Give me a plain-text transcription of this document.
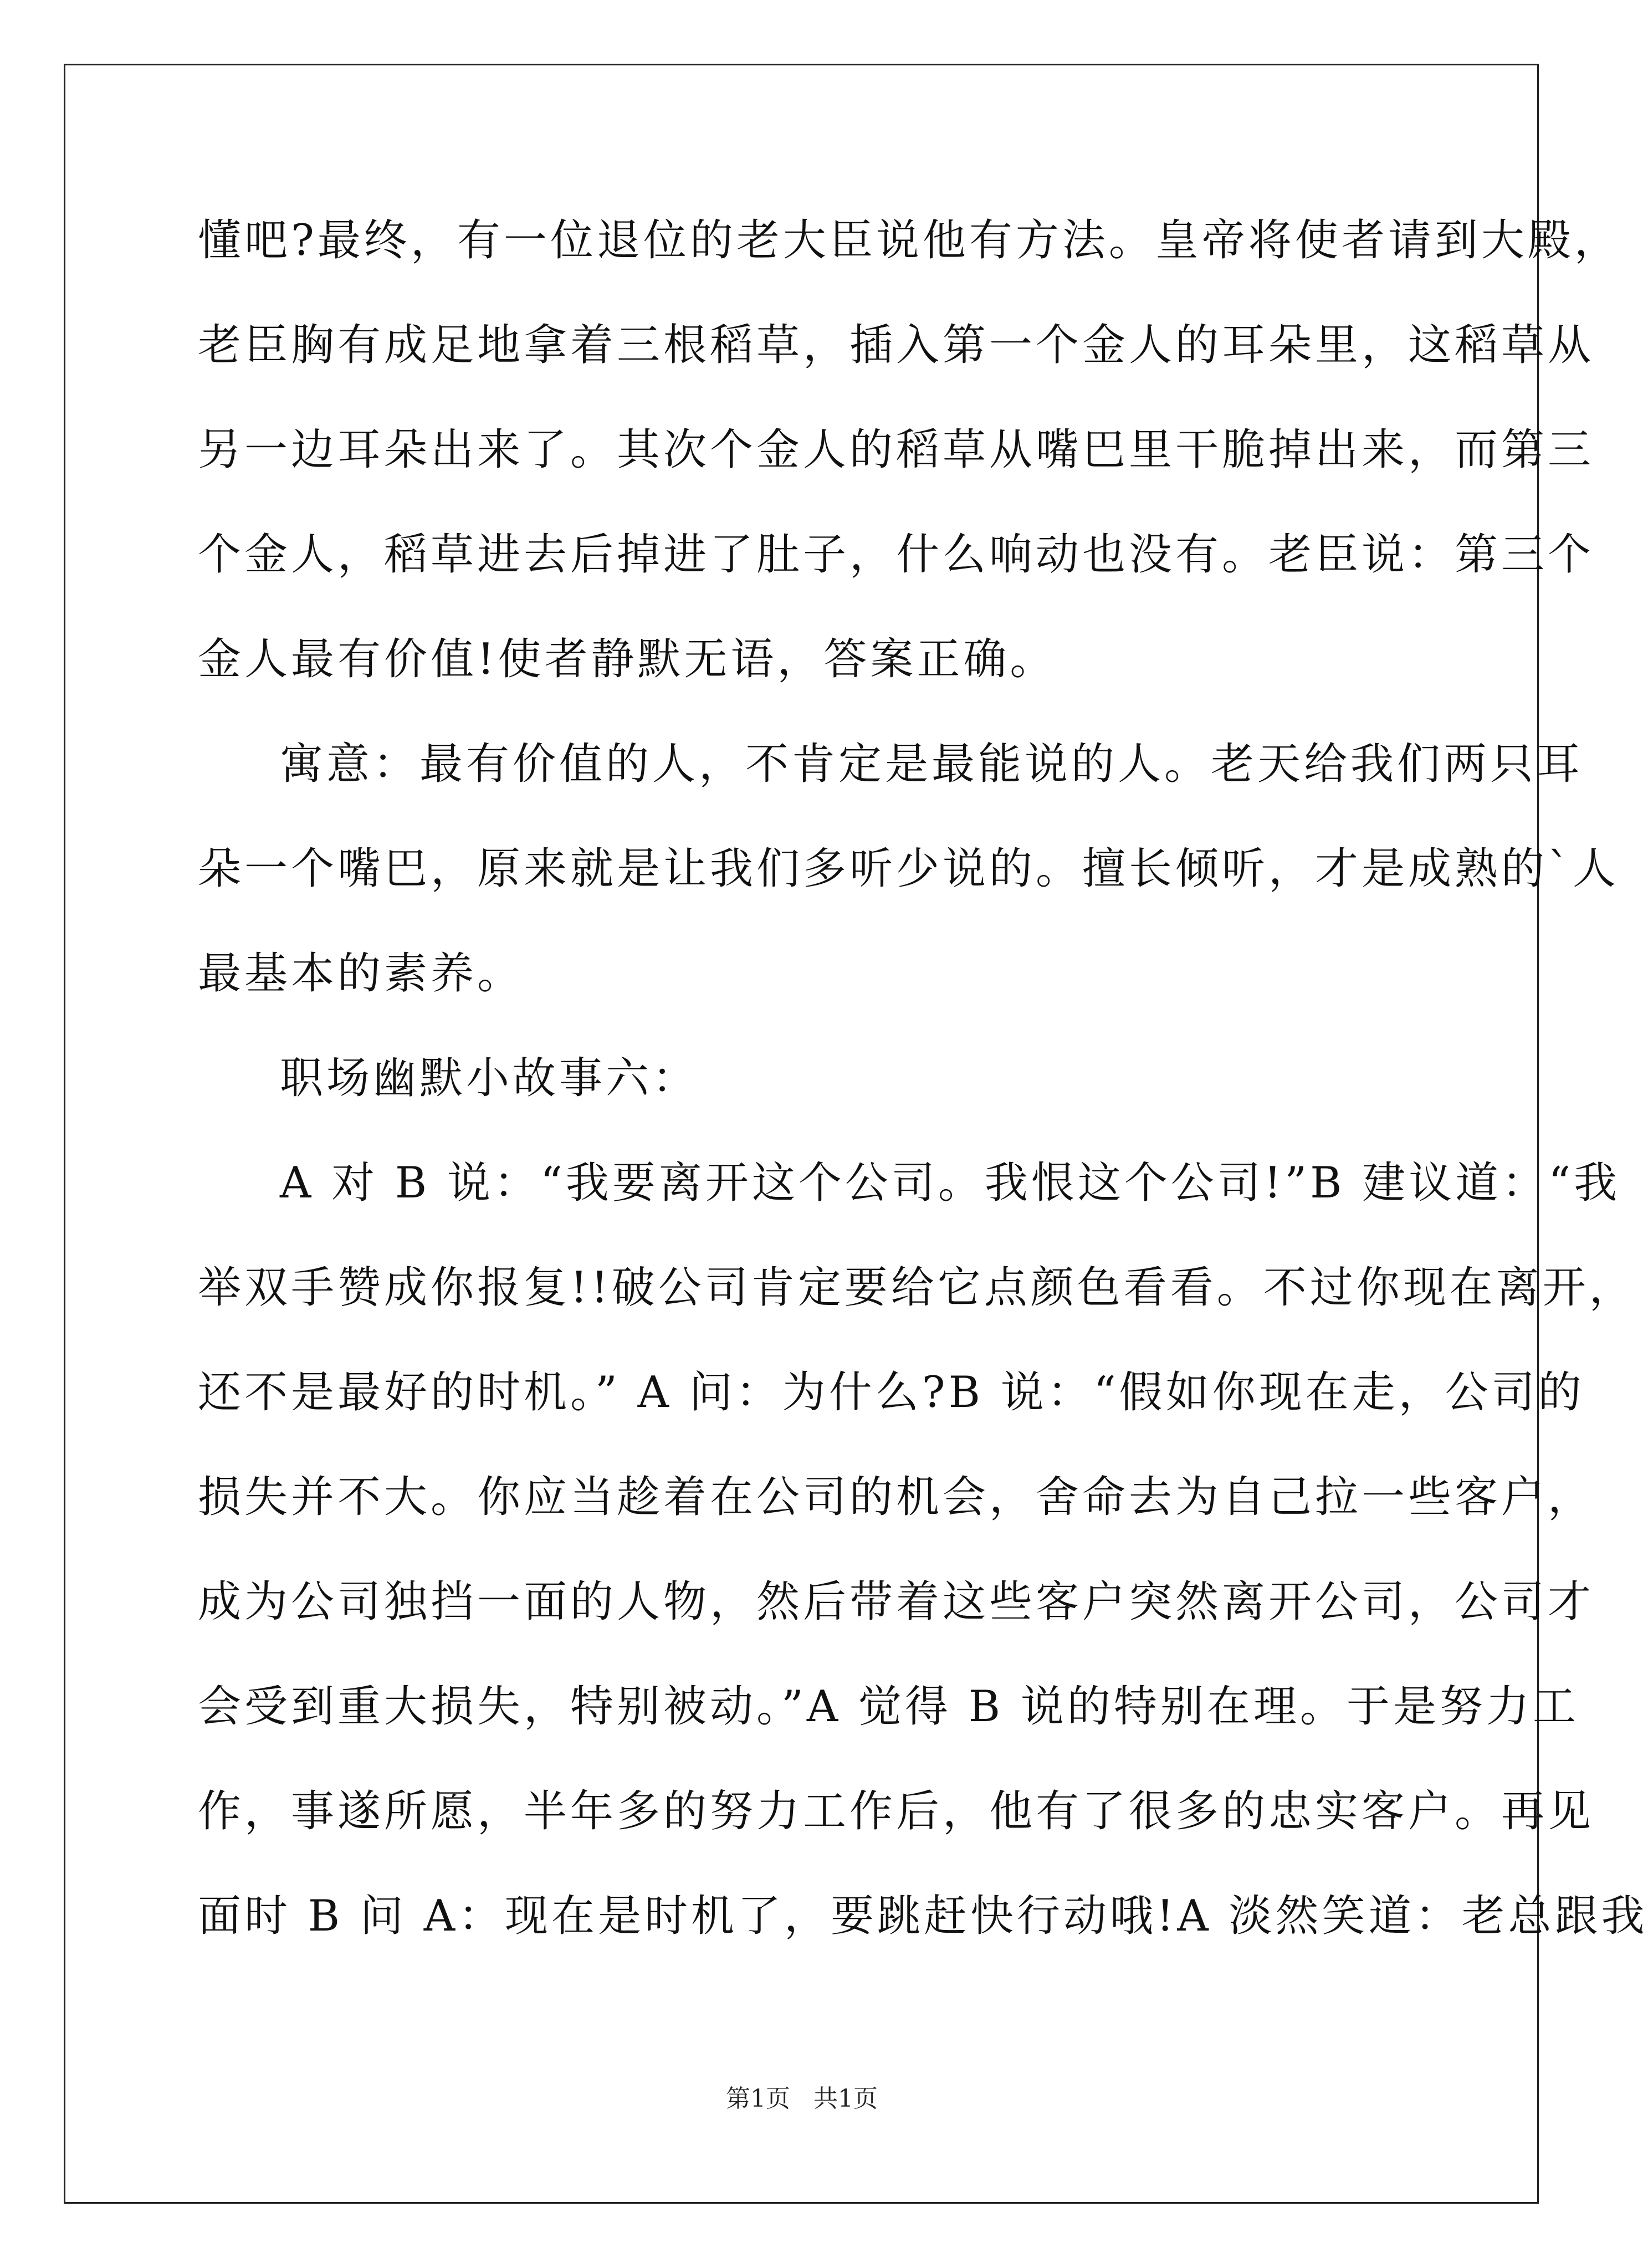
懂吧?最终，有一位退位的老大臣说他有方法。皇帝将使者请到大殿，
老臣胸有成足地拿着三根稻草，插入第一个金人的耳朵里，这稻草从
另一边耳朵出来了。其次个金人的稻草从嘴巴里干脆掉出来，而第三
个金人，稻草进去后掉进了肚子，什么响动也没有。老臣说：第三个
金人最有价值!使者静默无语，答案正确。
寓意：最有价值的人，不肯定是最能说的人。老天给我们两只耳
朵一个嘴巴，原来就是让我们多听少说的。擅长倾听，才是成熟的`人
最基本的素养。
职场幽默小故事六：
A 对 B 说：“我要离开这个公司。我恨这个公司!”B 建议道：“我
举双手赞成你报复!!破公司肯定要给它点颜色看看。不过你现在离开，
还不是最好的时机。” A 问：为什么?B 说：“假如你现在走，公司的
损失并不大。你应当趁着在公司的机会，舍命去为自己拉一些客户，
成为公司独挡一面的人物，然后带着这些客户突然离开公司，公司才
会受到重大损失，特别被动。”A 觉得 B 说的特别在理。于是努力工
作，事遂所愿，半年多的努力工作后，他有了很多的忠实客户。再见
面时 B 问 A：现在是时机了，要跳赶快行动哦!A 淡然笑道：老总跟我
第1页   共1页
